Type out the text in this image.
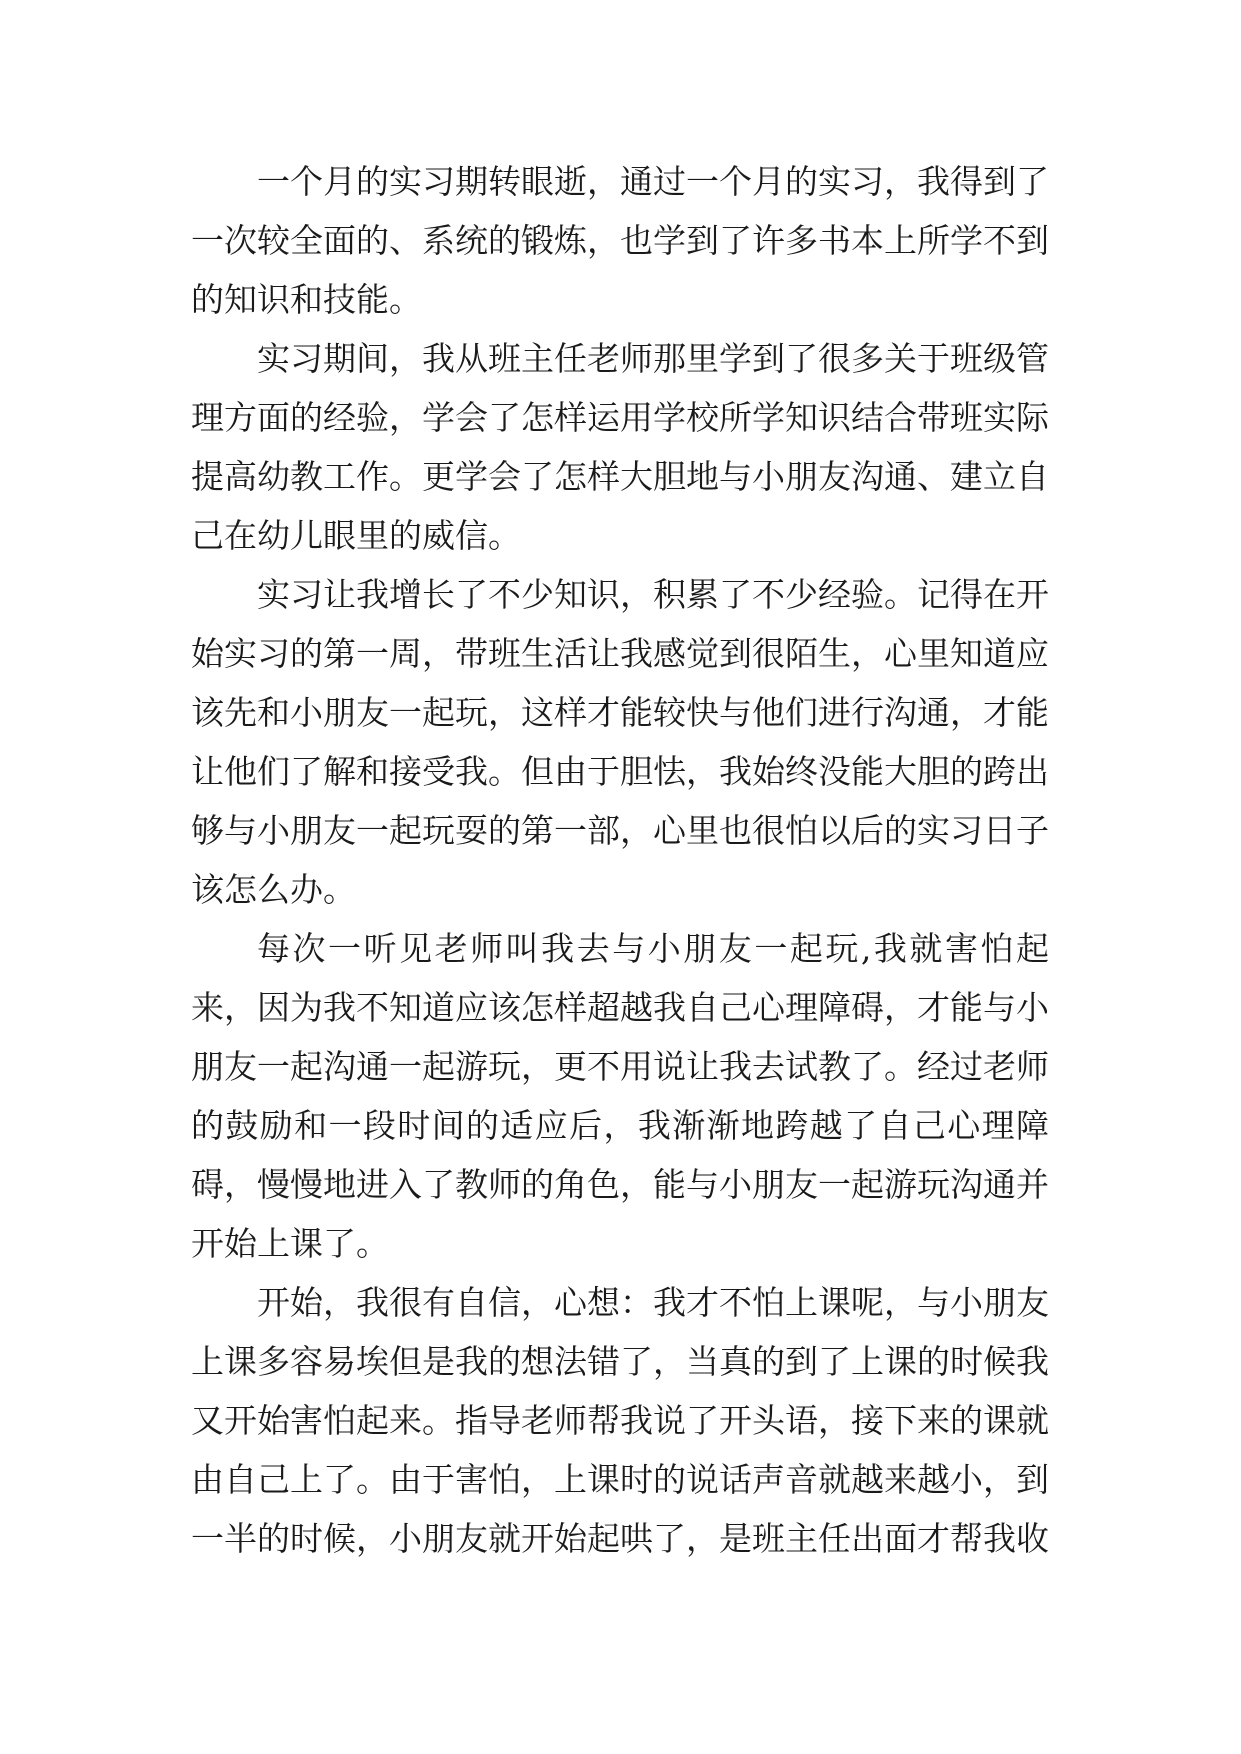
一个月的实习期转眼逝，通过一个月的实习，我得到了一次较全面的、系统的锻炼，也学到了许多书本上所学不到的知识和技能。

实习期间，我从班主任老师那里学到了很多关于班级管理方面的经验，学会了怎样运用学校所学知识结合带班实际提高幼教工作。更学会了怎样大胆地与小朋友沟通、建立自己在幼儿眼里的威信。

实习让我增长了不少知识，积累了不少经验。记得在开始实习的第一周，带班生活让我感觉到很陌生，心里知道应该先和小朋友一起玩，这样才能较快与他们进行沟通，才能让他们了解和接受我。但由于胆怯，我始终没能大胆的跨出够与小朋友一起玩耍的第一部，心里也很怕以后的实习日子该怎么办。

每次一听见老师叫我去与小朋友一起玩,我就害怕起来，因为我不知道应该怎样超越我自己心理障碍，才能与小朋友一起沟通一起游玩，更不用说让我去试教了。经过老师的鼓励和一段时间的适应后，我渐渐地跨越了自己心理障碍，慢慢地进入了教师的角色，能与小朋友一起游玩沟通并开始上课了。

开始，我很有自信，心想：我才不怕上课呢，与小朋友上课多容易埃但是我的想法错了，当真的到了上课的时候我又开始害怕起来。指导老师帮我说了开头语，接下来的课就由自己上了。由于害怕，上课时的说话声音就越来越小，到一半的时候，小朋友就开始起哄了，是班主任出面才帮我收
